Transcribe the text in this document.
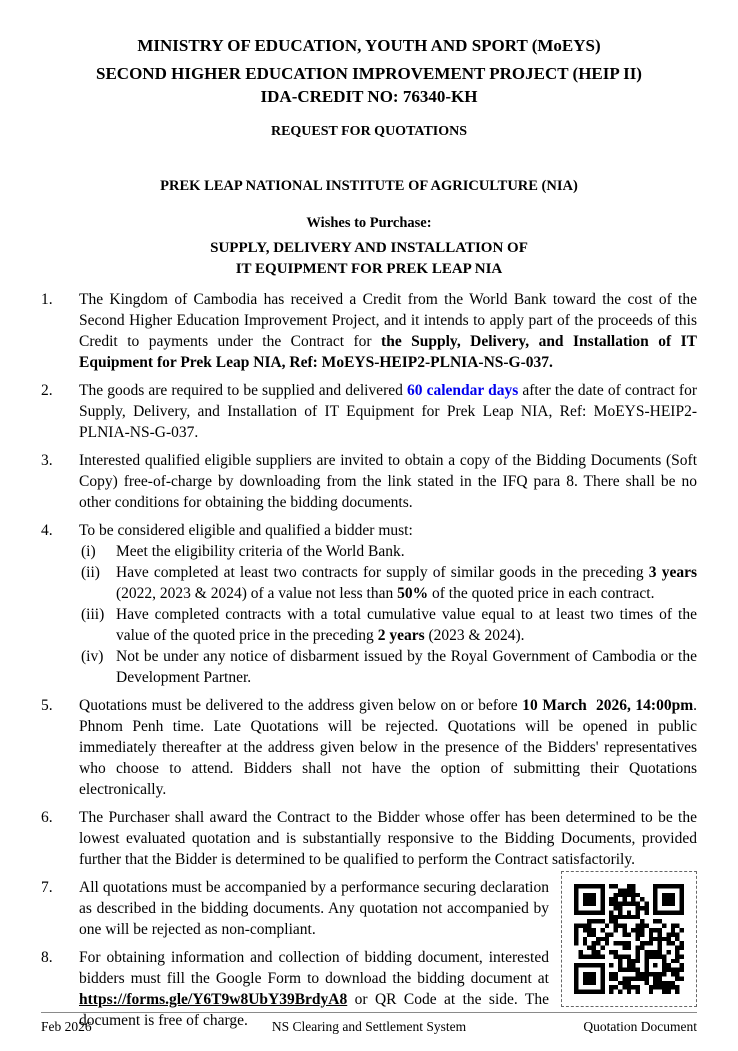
MINISTRY OF EDUCATION, YOUTH AND SPORT (MoEYS)
SECOND HIGHER EDUCATION IMPROVEMENT PROJECT (HEIP II)
IDA-CREDIT NO: 76340-KH
REQUEST FOR QUOTATIONS
PREK LEAP NATIONAL INSTITUTE OF AGRICULTURE (NIA)
Wishes to Purchase:
SUPPLY, DELIVERY AND INSTALLATION OF
IT EQUIPMENT FOR PREK LEAP NIA
1. The Kingdom of Cambodia has received a Credit from the World Bank toward the cost of the Second Higher Education Improvement Project, and it intends to apply part of the proceeds of this Credit to payments under the Contract for the Supply, Delivery, and Installation of IT Equipment for Prek Leap NIA, Ref: MoEYS-HEIP2-PLNIA-NS-G-037.
2. The goods are required to be supplied and delivered 60 calendar days after the date of contract for Supply, Delivery, and Installation of IT Equipment for Prek Leap NIA, Ref: MoEYS-HEIP2-PLNIA-NS-G-037.
3. Interested qualified eligible suppliers are invited to obtain a copy of the Bidding Documents (Soft Copy) free-of-charge by downloading from the link stated in the IFQ para 8. There shall be no other conditions for obtaining the bidding documents.
4. To be considered eligible and qualified a bidder must:
(i) Meet the eligibility criteria of the World Bank.
(ii) Have completed at least two contracts for supply of similar goods in the preceding 3 years (2022, 2023 & 2024) of a value not less than 50% of the quoted price in each contract.
(iii) Have completed contracts with a total cumulative value equal to at least two times of the value of the quoted price in the preceding 2 years (2023 & 2024).
(iv) Not be under any notice of disbarment issued by the Royal Government of Cambodia or the Development Partner.
5. Quotations must be delivered to the address given below on or before 10 March  2026, 14:00pm. Phnom Penh time. Late Quotations will be rejected. Quotations will be opened in public immediately thereafter at the address given below in the presence of the Bidders' representatives who choose to attend. Bidders shall not have the option of submitting their Quotations electronically.
6. The Purchaser shall award the Contract to the Bidder whose offer has been determined to be the lowest evaluated quotation and is substantially responsive to the Bidding Documents, provided further that the Bidder is determined to be qualified to perform the Contract satisfactorily.
7. All quotations must be accompanied by a performance securing declaration as described in the bidding documents. Any quotation not accompanied by one will be rejected as non-compliant.
8. For obtaining information and collection of bidding document, interested bidders must fill the Google Form to download the bidding document at https://forms.gle/Y6T9w8UbY39BrdyA8 or QR Code at the side. The document is free of charge.
Feb 2026	NS Clearing and Settlement System	Quotation Document
